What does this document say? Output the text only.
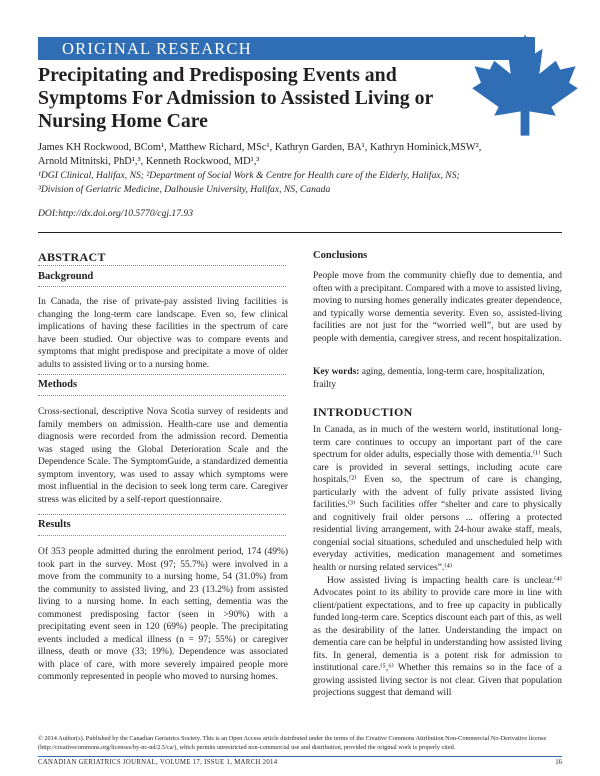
ORIGINAL RESEARCH
Precipitating and Predisposing Events and Symptoms For Admission to Assisted Living or Nursing Home Care
James KH Rockwood, BCom¹, Matthew Richard, MSc¹, Kathryn Garden, BA¹, Kathryn Hominick,MSW²,
Arnold Mitnitski, PhD¹,³, Kenneth Rockwood, MD¹,³
¹DGI Clinical, Halifax, NS; ²Department of Social Work & Centre for Health care of the Elderly, Halifax, NS;
³Division of Geriatric Medicine, Dalhousie University, Halifax, NS, Canada
DOI:http://dx.doi.org/10.5770/cgj.17.93
ABSTRACT
Background

In Canada, the rise of private-pay assisted living facilities is changing the long-term care landscape. Even so, few clinical implications of having these facilities in the spectrum of care have been studied. Our objective was to compare events and symptoms that might predispose and precipitate a move of older adults to assisted living or to a nursing home.

Methods

Cross-sectional, descriptive Nova Scotia survey of residents and family members on admission. Health-care use and dementia diagnosis were recorded from the admission record. Dementia was staged using the Global Deterioration Scale and the Dependence Scale. The SymptomGuide, a standardized dementia symptom inventory, was used to assay which symptoms were most influential in the decision to seek long term care. Caregiver stress was elicited by a self-report questionnaire.

Results

Of 353 people admitted during the enrolment period, 174 (49%) took part in the survey. Most (97; 55.7%) were involved in a move from the community to a nursing home, 54 (31.0%) from the community to assisted living, and 23 (13.2%) from assisted living to a nursing home. In each setting, dementia was the commonest predisposing factor (seen in >90%) with a precipitating event seen in 120 (69%) people. The precipitating events included a medical illness (n = 97; 55%) or caregiver illness, death or move (33; 19%). Dependence was associated with place of care, with more severely impaired people more commonly represented in people who moved to nursing homes.

Conclusions

People move from the community chiefly due to dementia, and often with a precipitant. Compared with a move to assisted living, moving to nursing homes generally indicates greater dependence, and typically worse dementia severity. Even so, assisted-living facilities are not just for the “worried well”, but are used by people with dementia, caregiver stress, and recent hospitalization.

Key words: aging, dementia, long-term care, hospitalization, frailty
INTRODUCTION

In Canada, as in much of the western world, institutional long-term care continues to occupy an important part of the care spectrum for older adults, especially those with dementia.⁽¹⁾ Such care is provided in several settings, including acute care hospitals.⁽²⁾ Even so, the spectrum of care is changing, particularly with the advent of fully private assisted living facilities.⁽³⁾ Such facilities offer “shelter and care to physically and cognitively frail older persons ... offering a protected residential living arrangement, with 24-hour awake staff, meals, congenial social situations, scheduled and unscheduled help with everyday activities, medication management and sometimes health or nursing related services”.⁽⁴⁾

How assisted living is impacting health care is unclear.⁽⁴⁾ Advocates point to its ability to provide care more in line with client/patient expectations, and to free up capacity in publically funded long-term care. Sceptics discount each part of this, as well as the desirability of the latter. Understanding the impact on dementia care can be helpful in understanding how assisted living fits. In general, dementia is a potent risk for admission to institutional care.⁽⁵,⁶⁾ Whether this remains so in the face of a growing assisted living sector is not clear. Given that population projections suggest that demand will

© 2014 Author(s). Published by the Canadian Geriatrics Society. This is an Open Access article distributed under the terms of the Creative Commons Attribution Non-Commercial No-Derivative license (http://creativecommons.org/licenses/by-nc-nd/2.5/ca/), which permits unrestricted non-commercial use and distribution, provided the original work is properly cited.
CANADIAN GERIATRICS JOURNAL, VOLUME 17, ISSUE 1, MARCH 2014	16
